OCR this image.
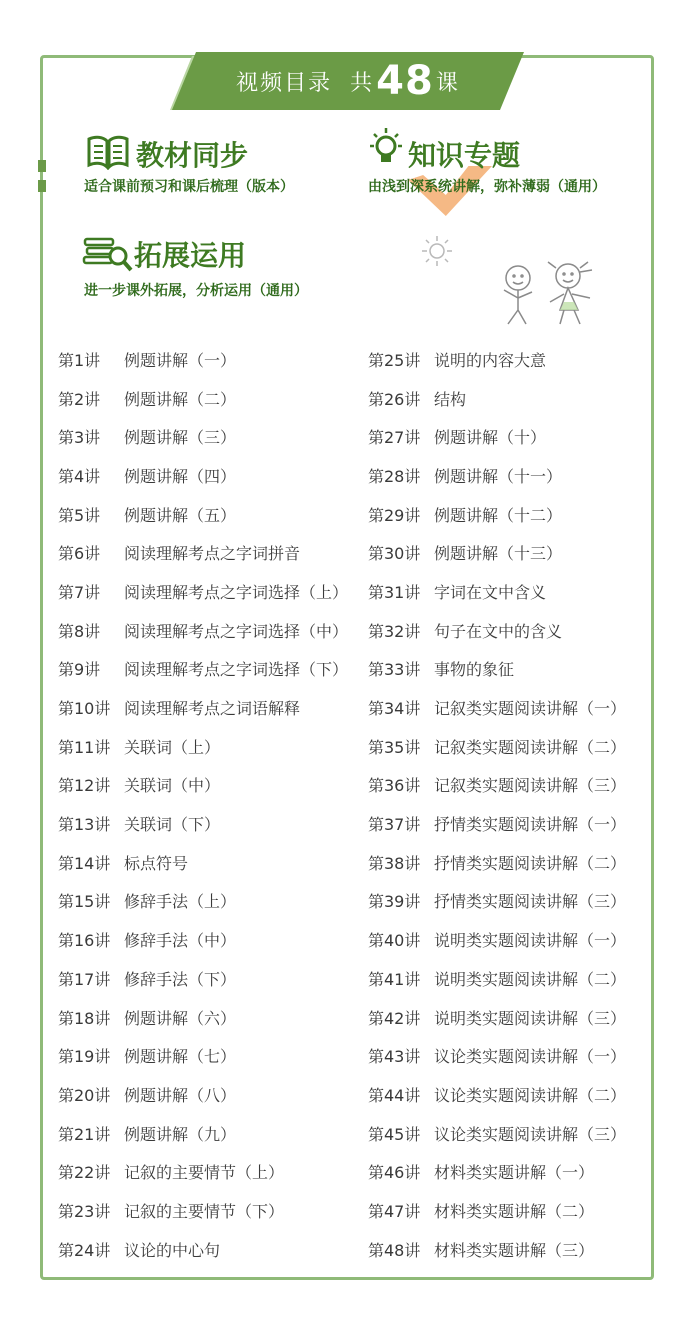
视频目录  共 48 课
教材同步
适合课前预习和课后梳理（版本）
知识专题
由浅到深系统讲解，弥补薄弱（通用）
拓展运用
进一步课外拓展，分析运用（通用）
第1讲	例题讲解（一）
第2讲	例题讲解（二）
第3讲	例题讲解（三）
第4讲	例题讲解（四）
第5讲	例题讲解（五）
第6讲	阅读理解考点之字词拼音
第7讲	阅读理解考点之字词选择（上）
第8讲	阅读理解考点之字词选择（中）
第9讲	阅读理解考点之字词选择（下）
第10讲 阅读理解考点之词语解释
第11讲 关联词（上）
第12讲 关联词（中）
第13讲 关联词（下）
第14讲 标点符号
第15讲 修辞手法（上）
第16讲 修辞手法（中）
第17讲 修辞手法（下）
第18讲 例题讲解（六）
第19讲 例题讲解（七）
第20讲 例题讲解（八）
第21讲 例题讲解（九）
第22讲 记叙的主要情节（上）
第23讲 记叙的主要情节（下）
第24讲 议论的中心句
第25讲 说明的内容大意
第26讲 结构
第27讲 例题讲解（十）
第28讲 例题讲解（十一）
第29讲 例题讲解（十二）
第30讲 例题讲解（十三）
第31讲 字词在文中含义
第32讲 句子在文中的含义
第33讲 事物的象征
第34讲 记叙类实题阅读讲解（一）
第35讲 记叙类实题阅读讲解（二）
第36讲 记叙类实题阅读讲解（三）
第37讲 抒情类实题阅读讲解（一）
第38讲 抒情类实题阅读讲解（二）
第39讲 抒情类实题阅读讲解（三）
第40讲 说明类实题阅读讲解（一）
第41讲 说明类实题阅读讲解（二）
第42讲 说明类实题阅读讲解（三）
第43讲 议论类实题阅读讲解（一）
第44讲 议论类实题阅读讲解（二）
第45讲 议论类实题阅读讲解（三）
第46讲 材料类实题讲解（一）
第47讲 材料类实题讲解（二）
第48讲 材料类实题讲解（三）
